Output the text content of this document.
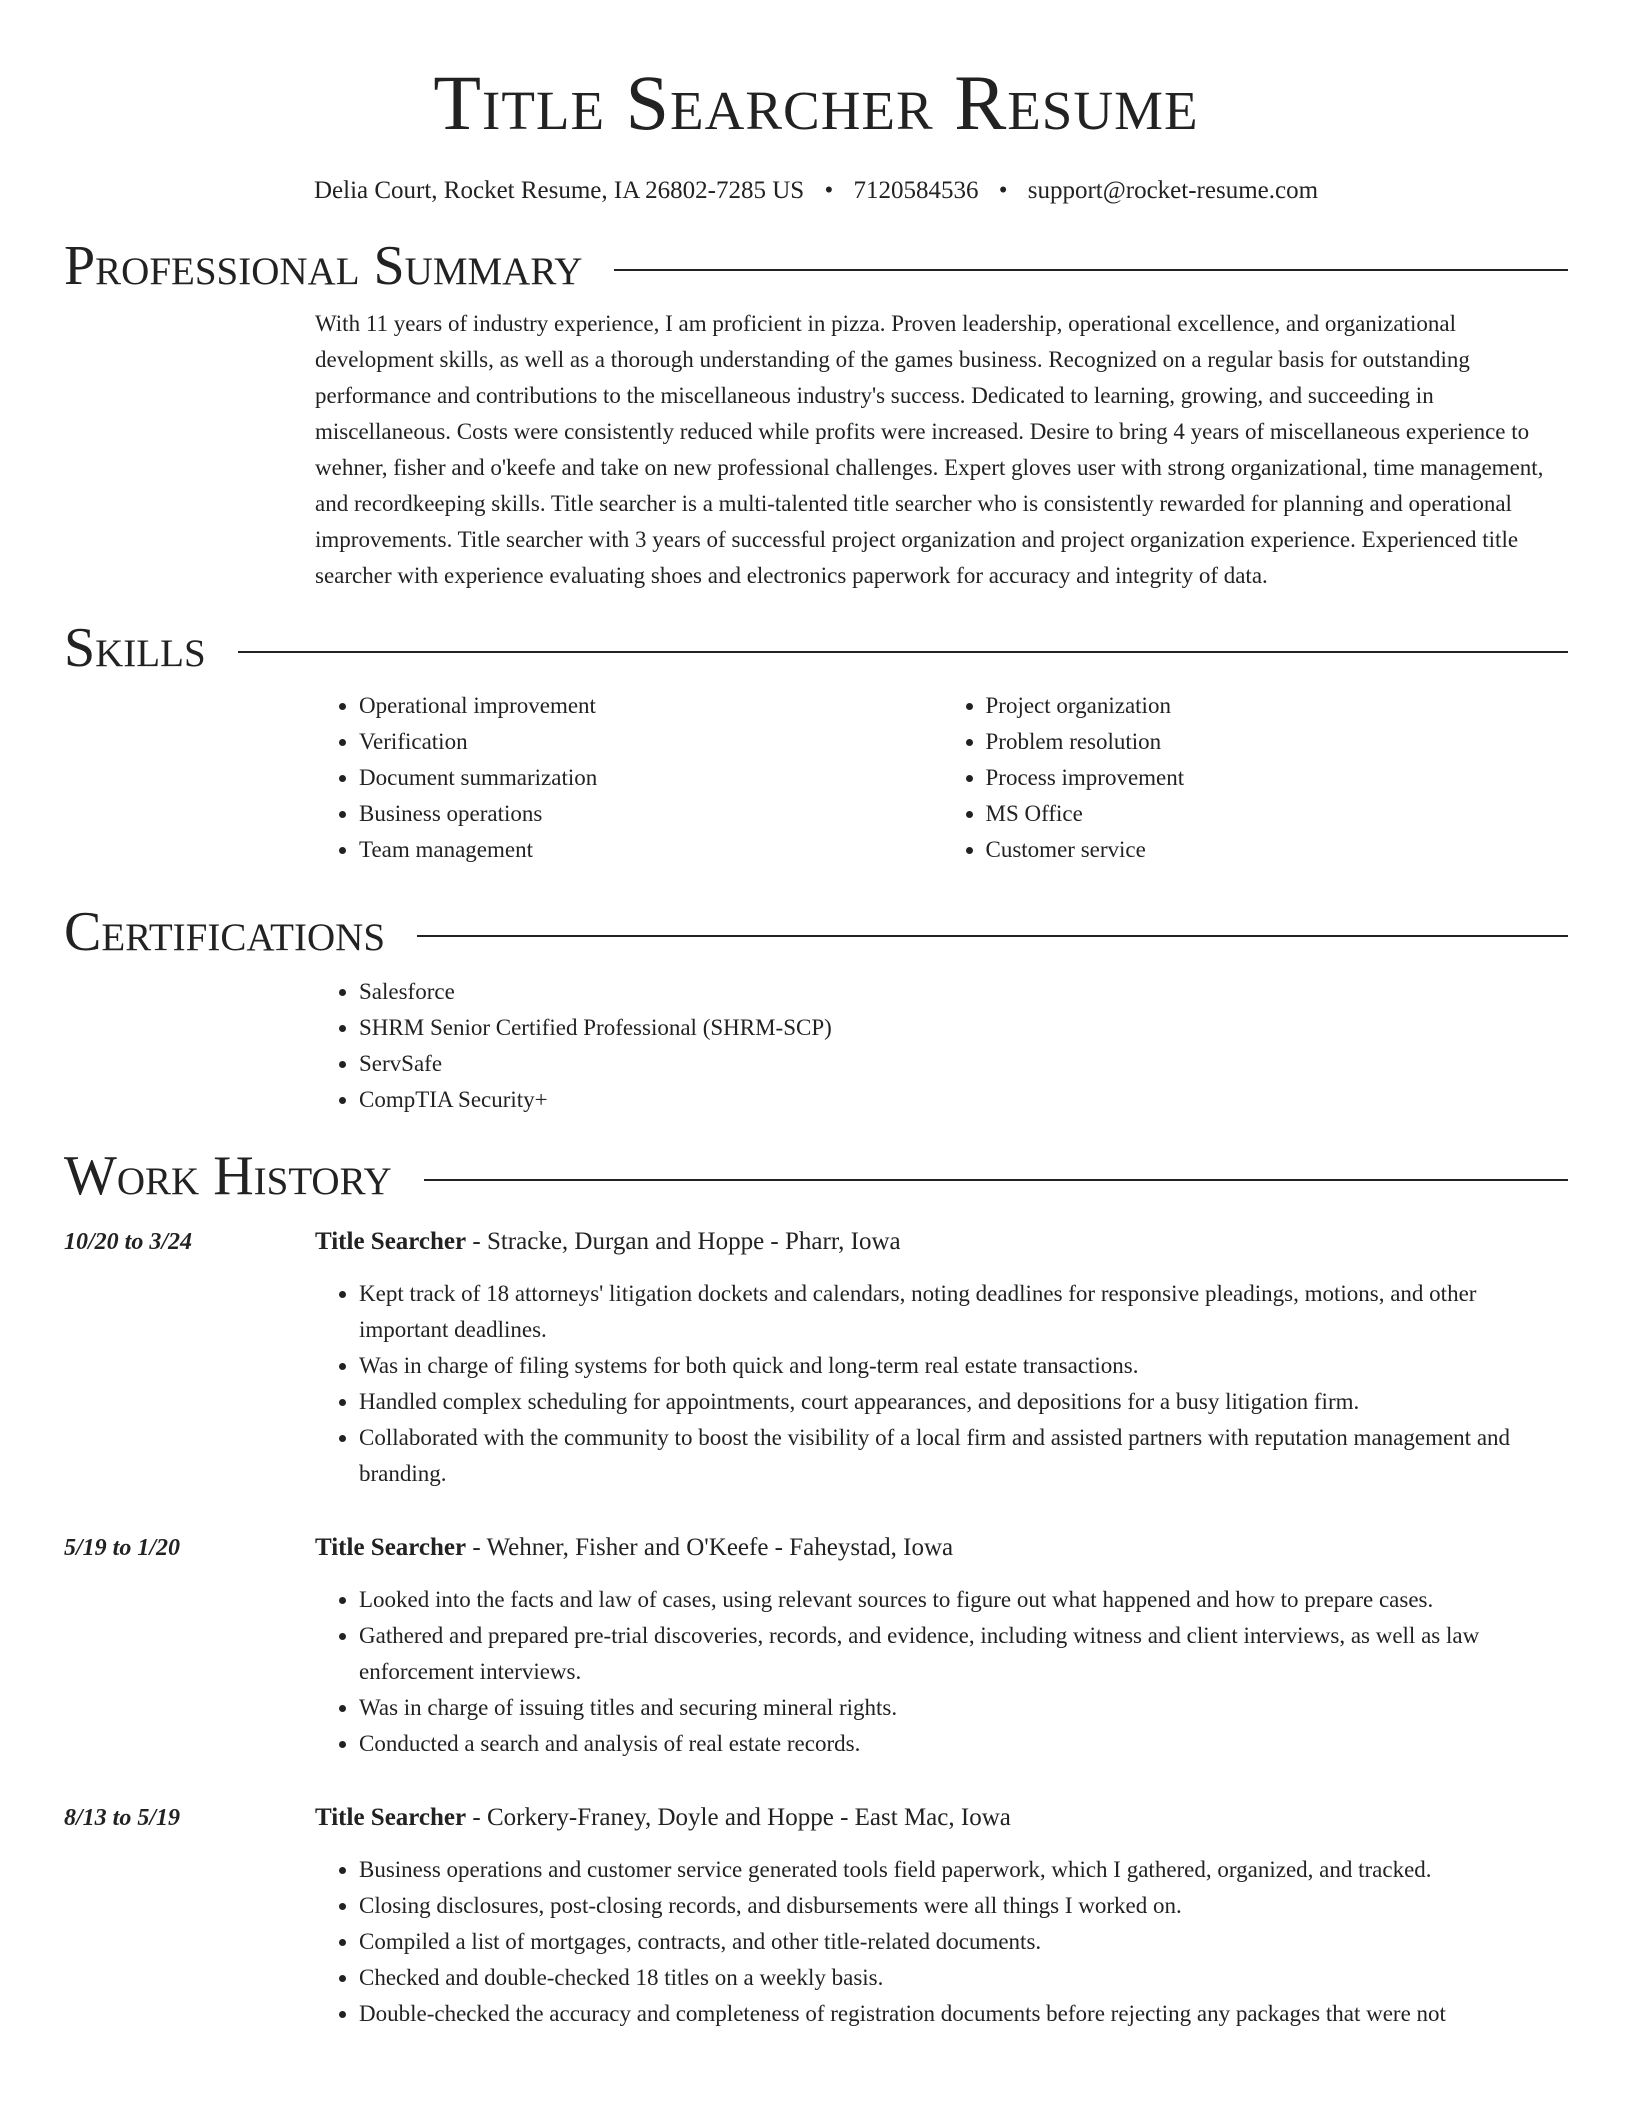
Title Searcher Resume
Delia Court, Rocket Resume, IA 26802-7285 US • 7120584536 • support@rocket-resume.com
Professional Summary

With 11 years of industry experience, I am proficient in pizza. Proven leadership, operational excellence, and organizational development skills, as well as a thorough understanding of the games business. Recognized on a regular basis for outstanding performance and contributions to the miscellaneous industry's success. Dedicated to learning, growing, and succeeding in miscellaneous. Costs were consistently reduced while profits were increased. Desire to bring 4 years of miscellaneous experience to wehner, fisher and o'keefe and take on new professional challenges. Expert gloves user with strong organizational, time management, and recordkeeping skills. Title searcher is a multi-talented title searcher who is consistently rewarded for planning and operational improvements. Title searcher with 3 years of successful project organization and project organization experience. Experienced title searcher with experience evaluating shoes and electronics paperwork for accuracy and integrity of data.

Skills
• Operational improvement
• Verification
• Document summarization
• Business operations
• Team management
• Project organization
• Problem resolution
• Process improvement
• MS Office
• Customer service
Certifications
• Salesforce
• SHRM Senior Certified Professional (SHRM-SCP)
• ServSafe
• CompTIA Security+
Work History
10/20 to 3/24	Title Searcher - Stracke, Durgan and Hoppe - Pharr, Iowa
• Kept track of 18 attorneys' litigation dockets and calendars, noting deadlines for responsive pleadings, motions, and other important deadlines.
• Was in charge of filing systems for both quick and long-term real estate transactions.
• Handled complex scheduling for appointments, court appearances, and depositions for a busy litigation firm.
• Collaborated with the community to boost the visibility of a local firm and assisted partners with reputation management and branding.
5/19 to 1/20	Title Searcher - Wehner, Fisher and O'Keefe - Faheystad, Iowa
• Looked into the facts and law of cases, using relevant sources to figure out what happened and how to prepare cases.
• Gathered and prepared pre-trial discoveries, records, and evidence, including witness and client interviews, as well as law enforcement interviews.
• Was in charge of issuing titles and securing mineral rights.
• Conducted a search and analysis of real estate records.
8/13 to 5/19	Title Searcher - Corkery-Franey, Doyle and Hoppe - East Mac, Iowa
• Business operations and customer service generated tools field paperwork, which I gathered, organized, and tracked.
• Closing disclosures, post-closing records, and disbursements were all things I worked on.
• Compiled a list of mortgages, contracts, and other title-related documents.
• Checked and double-checked 18 titles on a weekly basis.
• Double-checked the accuracy and completeness of registration documents before rejecting any packages that were not
